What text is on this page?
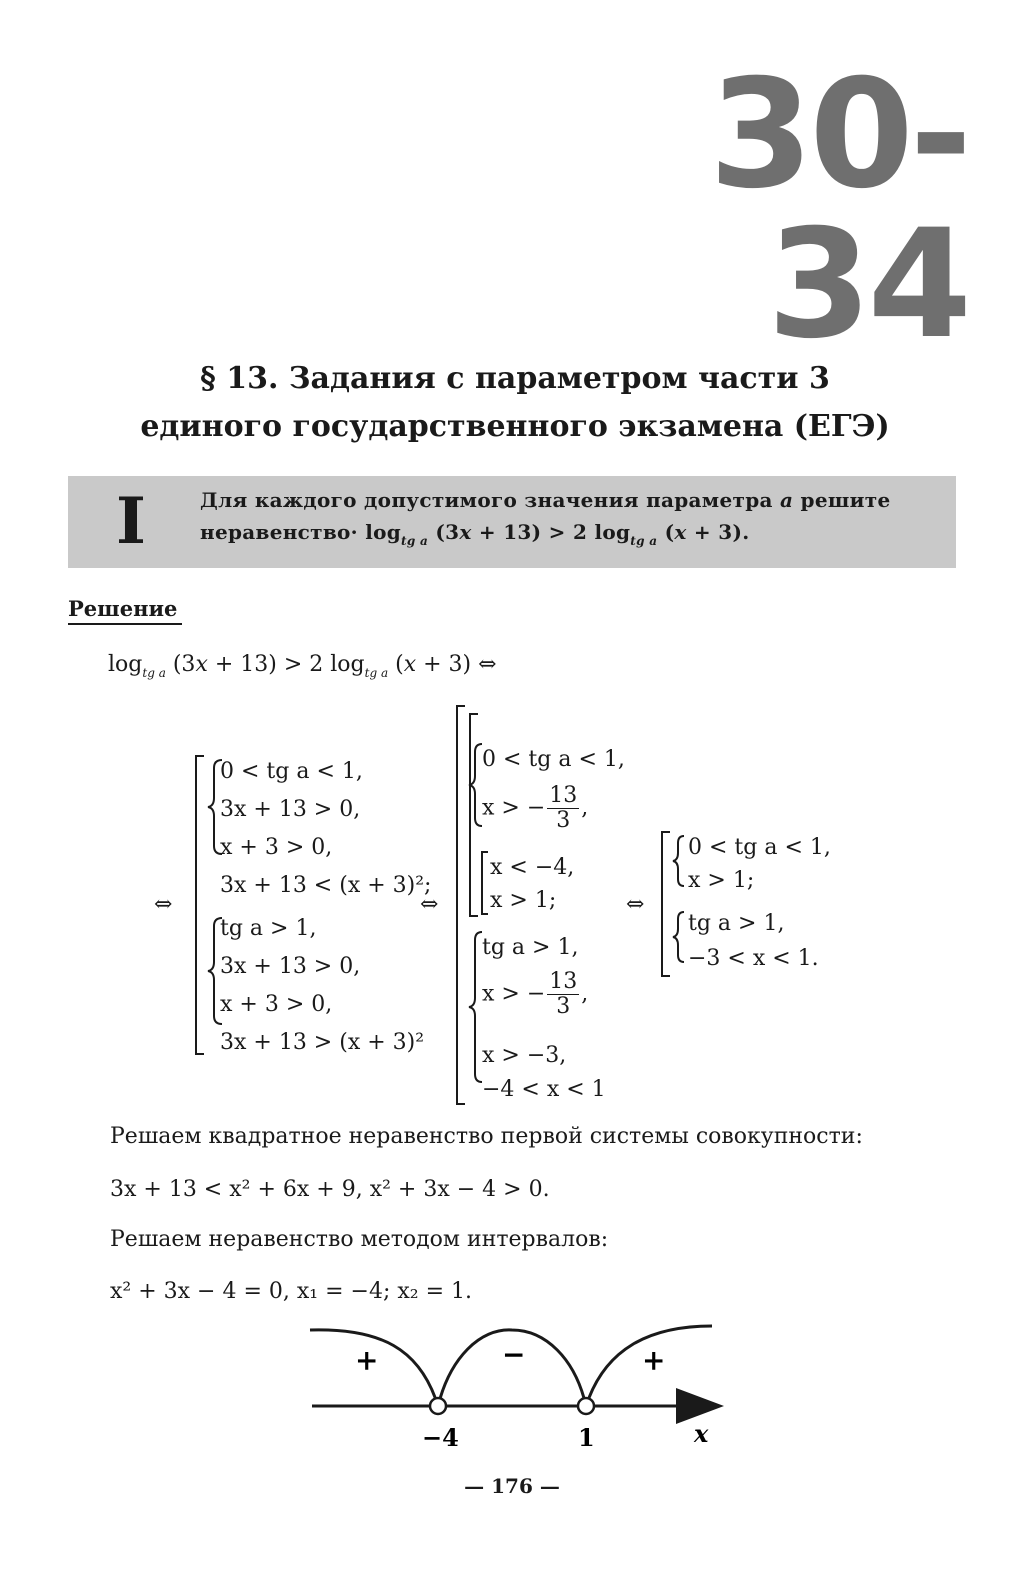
30-34
§ 13. Задания с параметром части 3
единого государственного экзамена (ЕГЭ)
I	Для каждого допустимого значения параметра a решите
неравенство· $\log_{tg a} (3x + 13) > 2$ $\log_{tg a} (x + 3)$.
Решение
$\log_{tg a} (3x + 13) > 2$ $\log_{tg a} (x + 3)$ ⇔
⇔	⇔	⇔
0 < tg a < 1,
3x + 13 > 0,
x + 3 > 0,
3x + 13 < (x + 3)²;
tg a > 1,
3x + 13 > 0,
x + 3 > 0,
3x + 13 > (x + 3)²
0 < tg a < 1,
x > − $\frac{13}{3}$ ,
x < −4,
x > 1;
tg a > 1,
x > − $\frac{13}{3}$ ,
x > −3,
−4 < x < 1
0 < tg a < 1,
x > 1;
tg a > 1,
−3 < x < 1.
Решаем квадратное неравенство первой системы совокупности:
3x + 13 < x² + 6x + 9, x² + 3x − 4 > 0.
Решаем неравенство методом интервалов:
x² + 3x − 4 = 0, x₁ = −4; x₂ = 1.
+	−	+
−4	1	x
— 176 —
